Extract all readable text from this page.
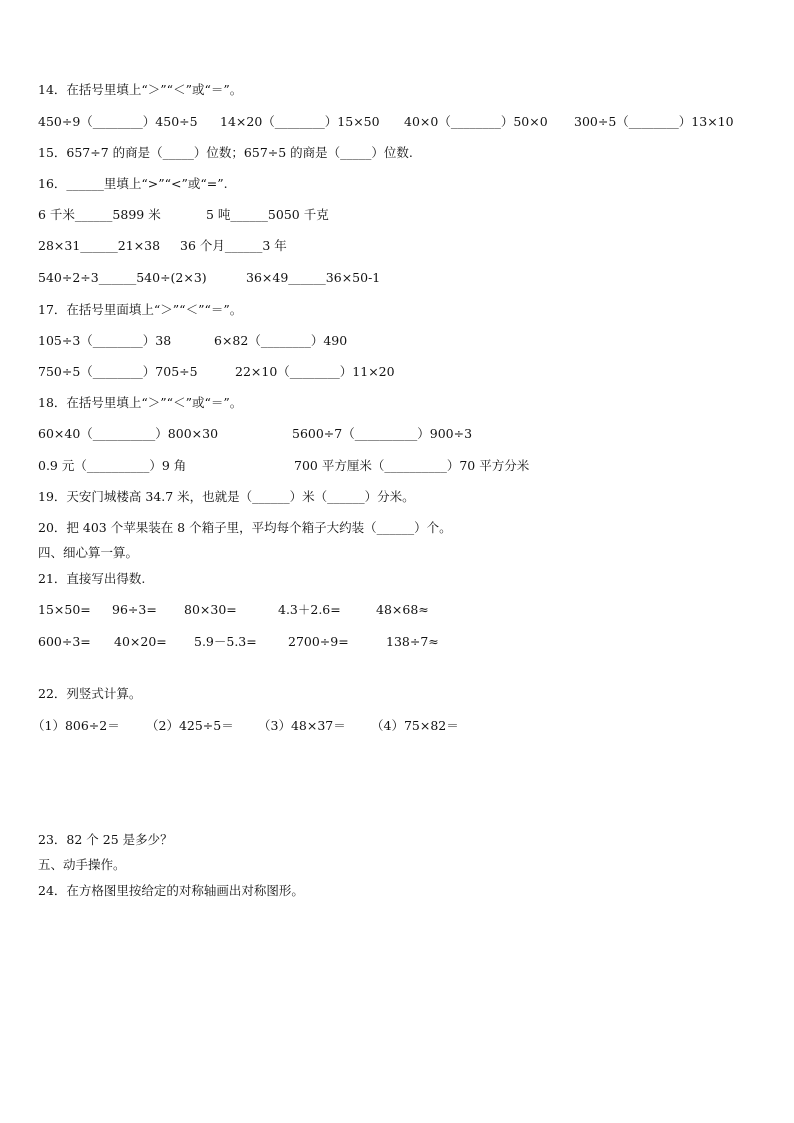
14．在括号里填上“＞”“＜”或“＝”。
450÷9（________）450÷5 14×20（________）15×50 40×0（________）50×0 300÷5（________）13×10
15．657÷7 的商是（_____）位数；657÷5 的商是（_____）位数.
16．______里填上“>”“<”或“=”.
6 千米______5899 米	5 吨______5050 千克
28×31______21×38 36 个月______3 年
540÷2÷3______540÷(2×3)	36×49______36×50-1
17．在括号里面填上“＞”“＜”“＝”。
105÷3（________）38	6×82（________）490
750÷5（________）705÷5	22×10（________）11×20
18．在括号里填上“＞”“＜”或“＝”。
60×40（__________）800×30	5600÷7（__________）900÷3
0.9 元（__________）9 角	700 平方厘米（__________）70 平方分米
19．天安门城楼高 34.7 米，也就是（______）米（______）分米。
20．把 403 个苹果装在 8 个箱子里，平均每个箱子大约装（______）个。
四、细心算一算。
21．直接写出得数.
15×50= 96÷3= 80×30=	4.3＋2.6=	48×68≈
600÷3= 40×20= 5.9－5.3=	2700÷9=	138÷7≈
22．列竖式计算。
（1）806÷2＝ （2）425÷5＝ （3）48×37＝ （4）75×82＝
23．82 个 25 是多少？
五、动手操作。
24．在方格图里按给定的对称轴画出对称图形。
